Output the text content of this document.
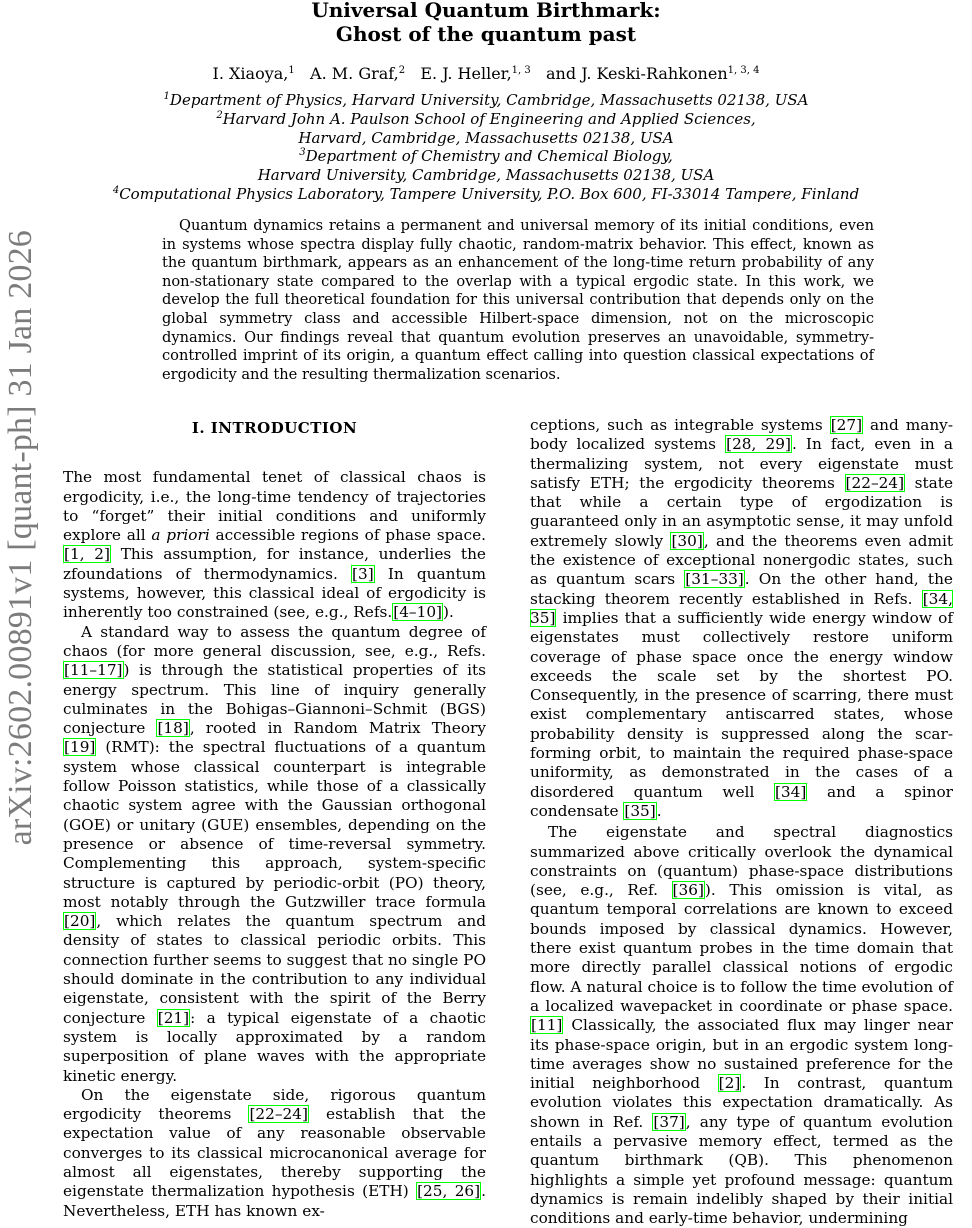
arXiv:2602.00891v1 [quant-ph] 31 Jan 2026
Universal Quantum Birthmark:
Ghost of the quantum past
I. Xiaoya,$^1$ A. M. Graf,$^2$ E. J. Heller,$^{1, 3}$ and J. Keski-Rahkonen$^{1, 3, 4}$
$^1$Department of Physics, Harvard University, Cambridge, Massachusetts 02138, USA
$^2$Harvard John A. Paulson School of Engineering and Applied Sciences,
Harvard, Cambridge, Massachusetts 02138, USA
$^3$Department of Chemistry and Chemical Biology,
Harvard University, Cambridge, Massachusetts 02138, USA
$^4$Computational Physics Laboratory, Tampere University, P.O. Box 600, FI-33014 Tampere, Finland
Quantum dynamics retains a permanent and universal memory of its initial conditions, even in systems whose spectra display fully chaotic, random-matrix behavior. This effect, known as the quantum birthmark, appears as an enhancement of the long-time return probability of any non-stationary state compared to the overlap with a typical ergodic state. In this work, we develop the full theoretical foundation for this universal contribution that depends only on the global symmetry class and accessible Hilbert-space dimension, not on the microscopic dynamics. Our findings reveal that quantum evolution preserves an unavoidable, symmetry-controlled imprint of its origin, a quantum effect calling into question classical expectations of ergodicity and the resulting thermalization scenarios.
I. INTRODUCTION

The most fundamental tenet of classical chaos is ergodicity, i.e., the long-time tendency of trajectories to “forget” their initial conditions and uniformly explore all a priori accessible regions of phase space. [1, 2] This assumption, for instance, underlies the zfoundations of thermodynamics. [3] In quantum systems, however, this classical ideal of ergodicity is inherently too constrained (see, e.g., Refs.[4–10]).

A standard way to assess the quantum degree of chaos (for more general discussion, see, e.g., Refs. [11–17]) is through the statistical properties of its energy spectrum. This line of inquiry generally culminates in the Bohigas–Giannoni–Schmit (BGS) conjecture [18], rooted in Random Matrix Theory [19] (RMT): the spectral fluctuations of a quantum system whose classical counterpart is integrable follow Poisson statistics, while those of a classically chaotic system agree with the Gaussian orthogonal (GOE) or unitary (GUE) ensembles, depending on the presence or absence of time-reversal symmetry. Complementing this approach, system-specific structure is captured by periodic-orbit (PO) theory, most notably through the Gutzwiller trace formula [20], which relates the quantum spectrum and density of states to classical periodic orbits. This connection further seems to suggest that no single PO should dominate in the contribution to any individual eigenstate, consistent with the spirit of the Berry conjecture [21]: a typical eigenstate of a chaotic system is locally approximated by a random superposition of plane waves with the appropriate kinetic energy.

On the eigenstate side, rigorous quantum ergodicity theorems [22–24] establish that the expectation value of any reasonable observable converges to its classical microcanonical average for almost all eigenstates, thereby supporting the eigenstate thermalization hypothesis (ETH) [25, 26]. Nevertheless, ETH has known ex-

ceptions, such as integrable systems [27] and many-body localized systems [28, 29]. In fact, even in a thermalizing system, not every eigenstate must satisfy ETH; the ergodicity theorems [22–24] state that while a certain type of ergodization is guaranteed only in an asymptotic sense, it may unfold extremely slowly [30], and the theorems even admit the existence of exceptional nonergodic states, such as quantum scars [31–33]. On the other hand, the stacking theorem recently established in Refs. [34, 35] implies that a sufficiently wide energy window of eigenstates must collectively restore uniform coverage of phase space once the energy window exceeds the scale set by the shortest PO. Consequently, in the presence of scarring, there must exist complementary antiscarred states, whose probability density is suppressed along the scar-forming orbit, to maintain the required phase-space uniformity, as demonstrated in the cases of a disordered quantum well [34] and a spinor condensate [35].

The eigenstate and spectral diagnostics summarized above critically overlook the dynamical constraints on (quantum) phase-space distributions (see, e.g., Ref. [36]). This omission is vital, as quantum temporal correlations are known to exceed bounds imposed by classical dynamics. However, there exist quantum probes in the time domain that more directly parallel classical notions of ergodic flow. A natural choice is to follow the time evolution of a localized wavepacket in coordinate or phase space. [11] Classically, the associated flux may linger near its phase-space origin, but in an ergodic system long-time averages show no sustained preference for the initial neighborhood [2]. In contrast, quantum evolution violates this expectation dramatically. As shown in Ref. [37], any type of quantum evolution entails a pervasive memory effect, termed as the quantum birthmark (QB). This phenomenon highlights a simple yet profound message: quantum dynamics is remain indelibly shaped by their initial conditions and early-time behavior, undermining
